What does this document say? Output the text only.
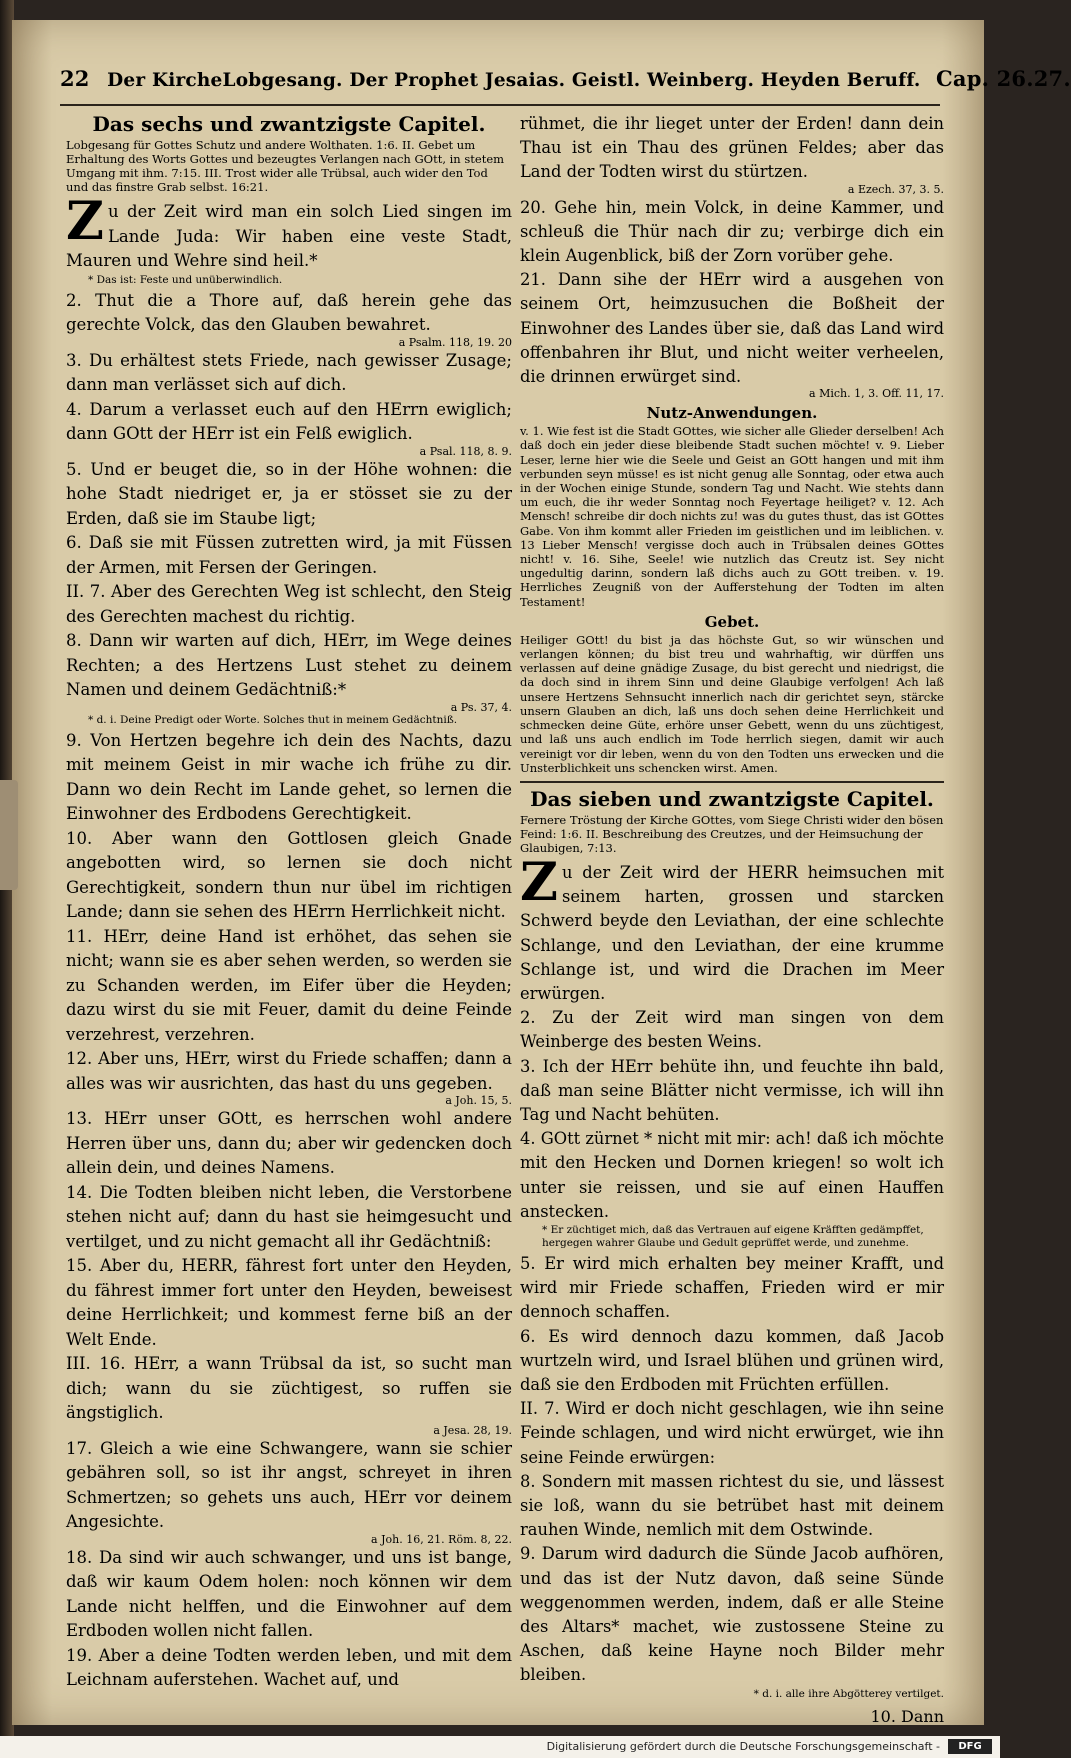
22 Der KircheLobgesang. Der Prophet Jesaias. Geistl. Weinberg. Heyden Beruff. Cap. 26.27.
Das sechs und zwantzigste Capitel.

Lobgesang für Gottes Schutz und andere Wolthaten. 1:6. II. Gebet um Erhaltung des Worts Gottes und bezeugtes Verlangen nach GOtt, in stetem Umgang mit ihm. 7:15. III. Trost wider alle Trübsal, auch wider den Tod und das finstre Grab selbst. 16:21.

Zu der Zeit wird man ein solch Lied singen im Lande Juda: Wir haben eine veste Stadt, Mauren und Wehre sind heil.*

* Das ist: Feste und unüberwindlich.

2. Thut die a Thore auf, daß herein gehe das gerechte Volck, das den Glauben bewahret.

a Psalm. 118, 19. 20

3. Du erhältest stets Friede, nach gewisser Zusage; dann man verlässet sich auf dich.

4. Darum a verlasset euch auf den HErrn ewiglich; dann GOtt der HErr ist ein Felß ewiglich.

a Psal. 118, 8. 9.

5. Und er beuget die, so in der Höhe wohnen: die hohe Stadt niedriget er, ja er stösset sie zu der Erden, daß sie im Staube ligt;

6. Daß sie mit Füssen zutretten wird, ja mit Füssen der Armen, mit Fersen der Geringen.

II. 7. Aber des Gerechten Weg ist schlecht, den Steig des Gerechten machest du richtig.

8. Dann wir warten auf dich, HErr, im Wege deines Rechten; a des Hertzens Lust stehet zu deinem Namen und deinem Gedächtniß:*

a Ps. 37, 4.

* d. i. Deine Predigt oder Worte. Solches thut in meinem Gedächtniß.

9. Von Hertzen begehre ich dein des Nachts, dazu mit meinem Geist in mir wache ich frühe zu dir. Dann wo dein Recht im Lande gehet, so lernen die Einwohner des Erdbodens Gerechtigkeit.

10. Aber wann den Gottlosen gleich Gnade angebotten wird, so lernen sie doch nicht Gerechtigkeit, sondern thun nur übel im richtigen Lande; dann sie sehen des HErrn Herrlichkeit nicht.

11. HErr, deine Hand ist erhöhet, das sehen sie nicht; wann sie es aber sehen werden, so werden sie zu Schanden werden, im Eifer über die Heyden; dazu wirst du sie mit Feuer, damit du deine Feinde verzehrest, verzehren.

12. Aber uns, HErr, wirst du Friede schaffen; dann a alles was wir ausrichten, das hast du uns gegeben.

a Joh. 15, 5.

13. HErr unser GOtt, es herrschen wohl andere Herren über uns, dann du; aber wir gedencken doch allein dein, und deines Namens.

14. Die Todten bleiben nicht leben, die Verstorbene stehen nicht auf; dann du hast sie heimgesucht und vertilget, und zu nicht gemacht all ihr Gedächtniß:

15. Aber du, HERR, fährest fort unter den Heyden, du fährest immer fort unter den Heyden, beweisest deine Herrlichkeit; und kommest ferne biß an der Welt Ende.

III. 16. HErr, a wann Trübsal da ist, so sucht man dich; wann du sie züchtigest, so ruffen sie ängstiglich.

a Jesa. 28, 19.

17. Gleich a wie eine Schwangere, wann sie schier gebähren soll, so ist ihr angst, schreyet in ihren Schmertzen; so gehets uns auch, HErr vor deinem Angesichte.

a Joh. 16, 21. Röm. 8, 22.

18. Da sind wir auch schwanger, und uns ist bange, daß wir kaum Odem holen: noch können wir dem Lande nicht helffen, und die Einwohner auf dem Erdboden wollen nicht fallen.

19. Aber a deine Todten werden leben, und mit dem Leichnam auferstehen. Wachet auf, und

rühmet, die ihr lieget unter der Erden! dann dein Thau ist ein Thau des grünen Feldes; aber das Land der Todten wirst du stürtzen.

a Ezech. 37, 3. 5.

20. Gehe hin, mein Volck, in deine Kammer, und schleuß die Thür nach dir zu; verbirge dich ein klein Augenblick, biß der Zorn vorüber gehe.

21. Dann sihe der HErr wird a ausgehen von seinem Ort, heimzusuchen die Boßheit der Einwohner des Landes über sie, daß das Land wird offenbahren ihr Blut, und nicht weiter verheelen, die drinnen erwürget sind.

a Mich. 1, 3. Off. 11, 17.

Nutz-Anwendungen.

v. 1. Wie fest ist die Stadt GOttes, wie sicher alle Glieder derselben! Ach daß doch ein jeder diese bleibende Stadt suchen möchte! v. 9. Lieber Leser, lerne hier wie die Seele und Geist an GOtt hangen und mit ihm verbunden seyn müsse! es ist nicht genug alle Sonntag, oder etwa auch in der Wochen einige Stunde, sondern Tag und Nacht. Wie stehts dann um euch, die ihr weder Sonntag noch Feyertage heiliget? v. 12. Ach Mensch! schreibe dir doch nichts zu! was du gutes thust, das ist GOttes Gabe. Von ihm kommt aller Frieden im geistlichen und im leiblichen. v. 13 Lieber Mensch! vergisse doch auch in Trübsalen deines GOttes nicht! v. 16. Sihe, Seele! wie nutzlich das Creutz ist. Sey nicht ungedultig darinn, sondern laß dichs auch zu GOtt treiben. v. 19. Herrliches Zeugniß von der Aufferstehung der Todten im alten Testament!

Gebet.

Heiliger GOtt! du bist ja das höchste Gut, so wir wünschen und verlangen können; du bist treu und wahrhaftig, wir dürffen uns verlassen auf deine gnädige Zusage, du bist gerecht und niedrigst, die da doch sind in ihrem Sinn und deine Glaubige verfolgen! Ach laß unsere Hertzens Sehnsucht innerlich nach dir gerichtet seyn, stärcke unsern Glauben an dich, laß uns doch sehen deine Herrlichkeit und schmecken deine Güte, erhöre unser Gebett, wenn du uns züchtigest, und laß uns auch endlich im Tode herrlich siegen, damit wir auch vereinigt vor dir leben, wenn du von den Todten uns erwecken und die Unsterblichkeit uns schencken wirst. Amen.

Das sieben und zwantzigste Capitel.

Fernere Tröstung der Kirche GOttes, vom Siege Christi wider den bösen Feind: 1:6. II. Beschreibung des Creutzes, und der Heimsuchung der Glaubigen, 7:13.

Zu der Zeit wird der HERR heimsuchen mit seinem harten, grossen und starcken Schwerd beyde den Leviathan, der eine schlechte Schlange, und den Leviathan, der eine krumme Schlange ist, und wird die Drachen im Meer erwürgen.

2. Zu der Zeit wird man singen von dem Weinberge des besten Weins.

3. Ich der HErr behüte ihn, und feuchte ihn bald, daß man seine Blätter nicht vermisse, ich will ihn Tag und Nacht behüten.

4. GOtt zürnet * nicht mit mir: ach! daß ich möchte mit den Hecken und Dornen kriegen! so wolt ich unter sie reissen, und sie auf einen Hauffen anstecken.

* Er züchtiget mich, daß das Vertrauen auf eigene Kräfften gedämpffet, hergegen wahrer Glaube und Gedult geprüffet werde, und zunehme.

5. Er wird mich erhalten bey meiner Krafft, und wird mir Friede schaffen, Frieden wird er mir dennoch schaffen.

6. Es wird dennoch dazu kommen, daß Jacob wurtzeln wird, und Israel blühen und grünen wird, daß sie den Erdboden mit Früchten erfüllen.

II. 7. Wird er doch nicht geschlagen, wie ihn seine Feinde schlagen, und wird nicht erwürget, wie ihn seine Feinde erwürgen:

8. Sondern mit massen richtest du sie, und lässest sie loß, wann du sie betrübet hast mit deinem rauhen Winde, nemlich mit dem Ostwinde.

9. Darum wird dadurch die Sünde Jacob aufhören, und das ist der Nutz davon, daß seine Sünde weggenommen werden, indem, daß er alle Steine des Altars* machet, wie zustossene Steine zu Aschen, daß keine Hayne noch Bilder mehr bleiben.

* d. i. alle ihre Abgötterey vertilget.

10. Dann
Digitalisierung gefördert durch die Deutsche Forschungsgemeinschaft -	DFG
